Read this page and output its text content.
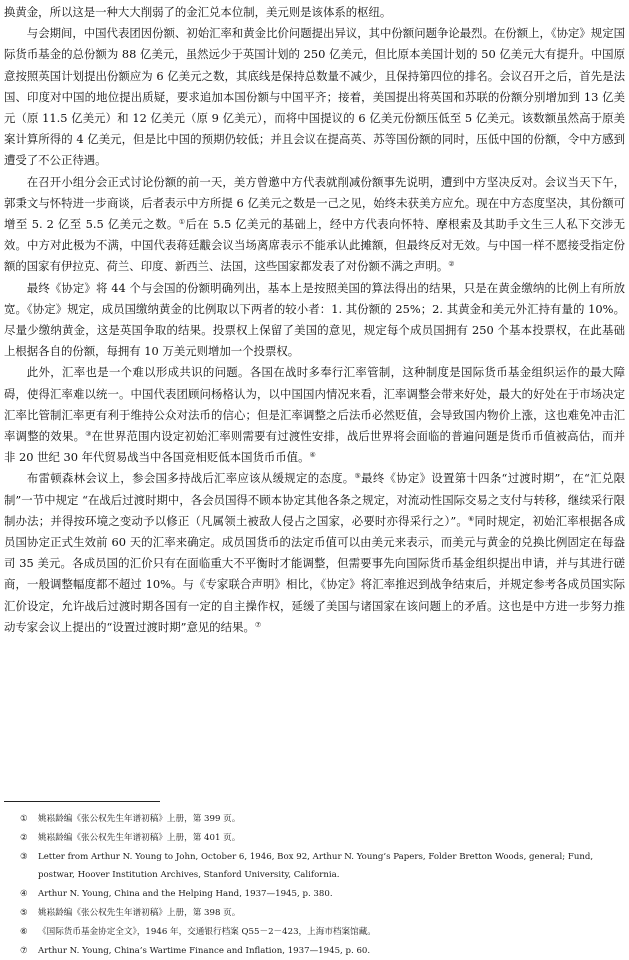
换黄金，所以这是一种大大削弱了的金汇兑本位制，美元则是该体系的枢纽。

与会期间，中国代表团因份额、初始汇率和黄金比价问题提出异议，其中份额问题争论最烈。在份额上，《协定》规定国际货币基金的总份额为 88 亿美元，虽然远少于英国计划的 250 亿美元，但比原本美国计划的 50 亿美元大有提升。中国原意按照英国计划提出份额应为 6 亿美元之数，其底线是保持总数量不减少，且保持第四位的排名。会议召开之后，首先是法国、印度对中国的地位提出质疑，要求追加本国份额与中国平齐；接着，美国提出将英国和苏联的份额分别增加到 13 亿美元（原 11.5 亿美元）和 12 亿美元（原 9 亿美元），而将中国提议的 6 亿美元份额压低至 5 亿美元。该数额虽然高于原美案计算所得的 4 亿美元，但是比中国的预期仍较低；并且会议在提高英、苏等国份额的同时，压低中国的份额，令中方感到遭受了不公正待遇。

在召开小组分会正式讨论份额的前一天，美方曾邀中方代表就削减份额事先说明，遭到中方坚决反对。会议当天下午，郭秉文与怀特进一步商谈，后者表示中方所提 6 亿美元之数是一己之见，始终未获美方应允。现在中方态度坚决，其份额可增至 5. 2 亿至 5.5 亿美元之数。①后在 5.5 亿美元的基础上，经中方代表向怀特、摩根索及其助手文生三人私下交涉无效。中方对此极为不满，中国代表蒋廷黻会议当场离席表示不能承认此摊额，但最终反对无效。与中国一样不愿接受指定份额的国家有伊拉克、荷兰、印度、新西兰、法国，这些国家都发表了对份额不满之声明。②

最终《协定》将 44 个与会国的份额明确列出，基本上是按照美国的算法得出的结果，只是在黄金缴纳的比例上有所放宽。《协定》规定，成员国缴纳黄金的比例取以下两者的较小者：1. 其份额的 25%；2. 其黄金和美元外汇持有量的 10%。尽量少缴纳黄金，这是英国争取的结果。投票权上保留了美国的意见，规定每个成员国拥有 250 个基本投票权，在此基础上根据各自的份额，每拥有 10 万美元则增加一个投票权。

此外，汇率也是一个难以形成共识的问题。各国在战时多奉行汇率管制，这种制度是国际货币基金组织运作的最大障碍，使得汇率难以统一。中国代表团顾问杨格认为，以中国国内情况来看，汇率调整会带来好处，最大的好处在于市场决定汇率比管制汇率更有利于维持公众对法币的信心；但是汇率调整之后法币必然贬值，会导致国内物价上涨，这也难免冲击汇率调整的效果。③在世界范围内设定初始汇率则需要有过渡性安排，战后世界将会面临的普遍问题是货币币值被高估，而并非 20 世纪 30 年代贸易战当中各国竞相贬低本国货币币值。④

布雷顿森林会议上，参会国多持战后汇率应该从缓规定的态度。⑤最终《协定》设置第十四条“过渡时期”，在“汇兑限制”一节中规定 “在战后过渡时期中，各会员国得不顾本协定其他各条之规定，对流动性国际交易之支付与转移，继续采行限制办法；并得按环境之变动予以修正（凡属领土被敌人侵占之国家，必要时亦得采行之）”。⑥同时规定，初始汇率根据各成员国协定正式生效前 60 天的汇率来确定。成员国货币的法定币值可以由美元来表示，而美元与黄金的兑换比例固定在每盎司 35 美元。各成员国的汇价只有在面临重大不平衡时才能调整，但需要事先向国际货币基金组织提出申请，并与其进行磋商，一般调整幅度都不超过 10%。与《专家联合声明》相比，《协定》将汇率推迟到战争结束后，并规定参考各成员国实际汇价设定，允许战后过渡时期各国有一定的自主操作权，延缓了美国与诸国家在该问题上的矛盾。这也是中方进一步努力推动专家会议上提出的“设置过渡时期”意见的结果。⑦

① 姚崧龄编《张公权先生年谱初稿》上册，第 399 页。
② 姚崧龄编《张公权先生年谱初稿》上册，第 401 页。
③ Letter from Arthur N. Young to John, October 6, 1946, Box 92, Arthur N. Young’s Papers, Folder Bretton Woods, general; Fund, postwar, Hoover Institution Archives, Stanford University, California.
④ Arthur N. Young, China and the Helping Hand, 1937—1945, p. 380.
⑤ 姚崧龄编《张公权先生年谱初稿》上册，第 398 页。
⑥ 《国际货币基金协定全文》，1946 年，交通银行档案 Q55－2－423，上海市档案馆藏。
⑦ Arthur N. Young, China’s Wartime Finance and Inflation, 1937—1945, p. 60.
